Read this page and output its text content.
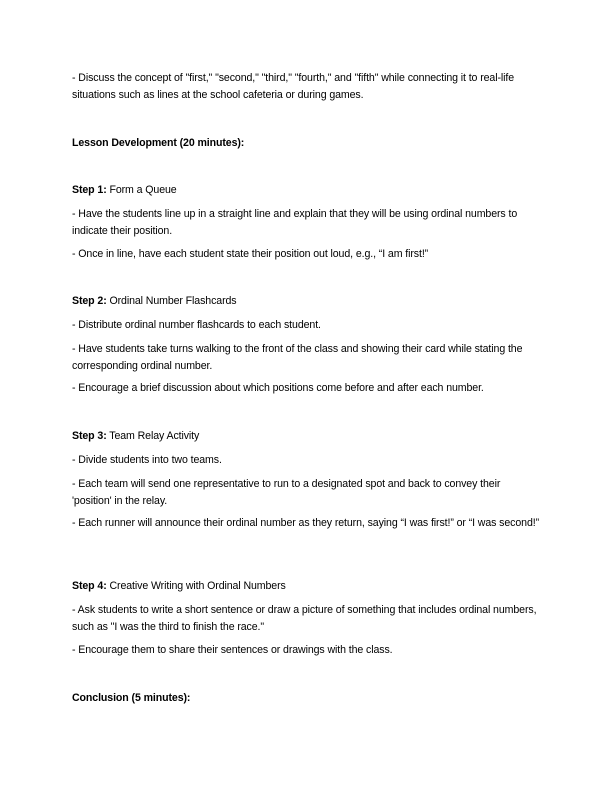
- Discuss the concept of "first," "second," "third," "fourth," and "fifth" while connecting it to real-life situations such as lines at the school cafeteria or during games.

Lesson Development (20 minutes):

Step 1: Form a Queue

- Have the students line up in a straight line and explain that they will be using ordinal numbers to indicate their position.

- Once in line, have each student state their position out loud, e.g., “I am first!”

Step 2: Ordinal Number Flashcards

- Distribute ordinal number flashcards to each student.

- Have students take turns walking to the front of the class and showing their card while stating the corresponding ordinal number.

- Encourage a brief discussion about which positions come before and after each number.

Step 3: Team Relay Activity

- Divide students into two teams.

- Each team will send one representative to run to a designated spot and back to convey their 'position' in the relay.

- Each runner will announce their ordinal number as they return, saying “I was first!” or “I was second!”

Step 4: Creative Writing with Ordinal Numbers

- Ask students to write a short sentence or draw a picture of something that includes ordinal numbers, such as "I was the third to finish the race."

- Encourage them to share their sentences or drawings with the class.

Conclusion (5 minutes):
